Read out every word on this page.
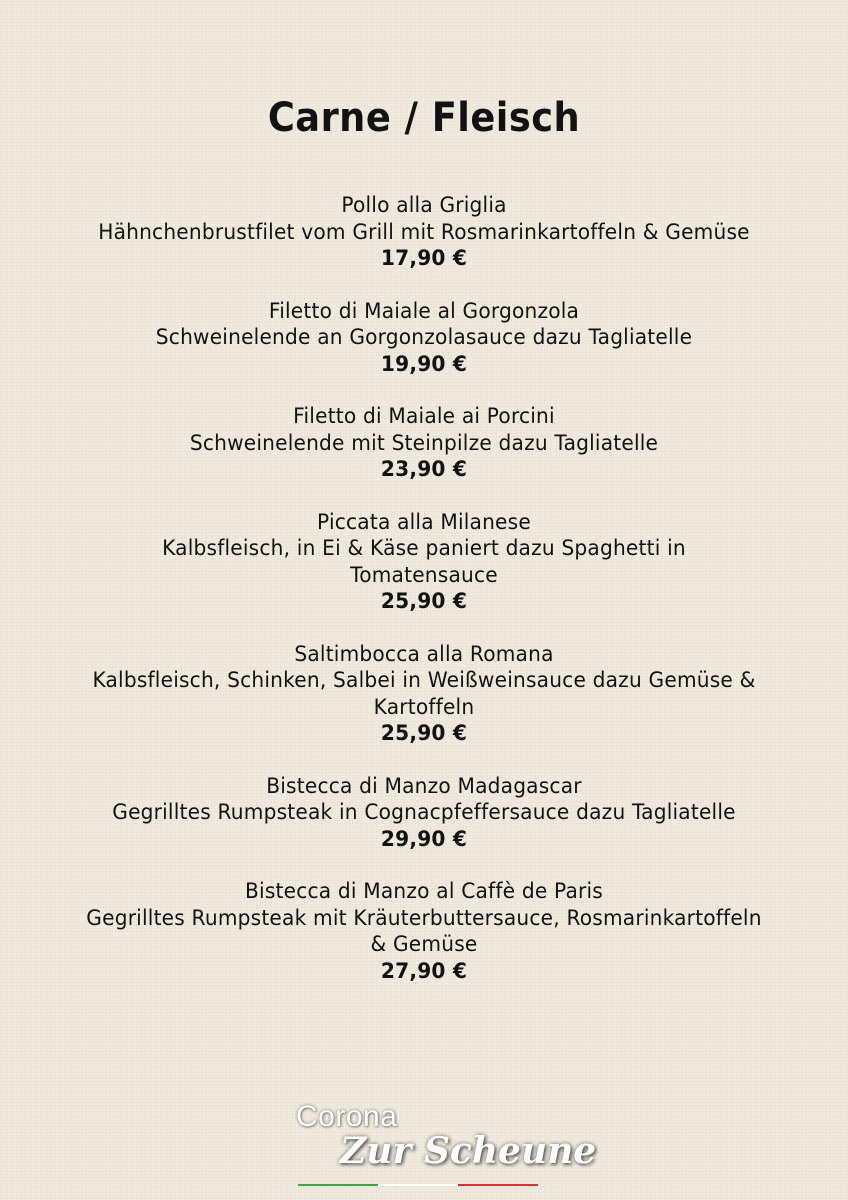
Carne / Fleisch
Pollo alla Griglia
Hähnchenbrustfilet vom Grill mit Rosmarinkartoffeln & Gemüse
17,90 €
Filetto di Maiale al Gorgonzola
Schweinelende an Gorgonzolasauce dazu Tagliatelle
19,90 €
Filetto di Maiale ai Porcini
Schweinelende mit Steinpilze dazu Tagliatelle
23,90 €
Piccata alla Milanese
Kalbsfleisch, in Ei & Käse paniert dazu Spaghetti in
Tomatensauce
25,90 €
Saltimbocca alla Romana
Kalbsfleisch, Schinken, Salbei in Weißweinsauce dazu Gemüse &
Kartoffeln
25,90 €
Bistecca di Manzo Madagascar
Gegrilltes Rumpsteak in Cognacpfeffersauce dazu Tagliatelle
29,90 €
Bistecca di Manzo al Caffè de Paris
Gegrilltes Rumpsteak mit Kräuterbuttersauce, Rosmarinkartoffeln
& Gemüse
27,90 €
Corona
Zur Scheune
